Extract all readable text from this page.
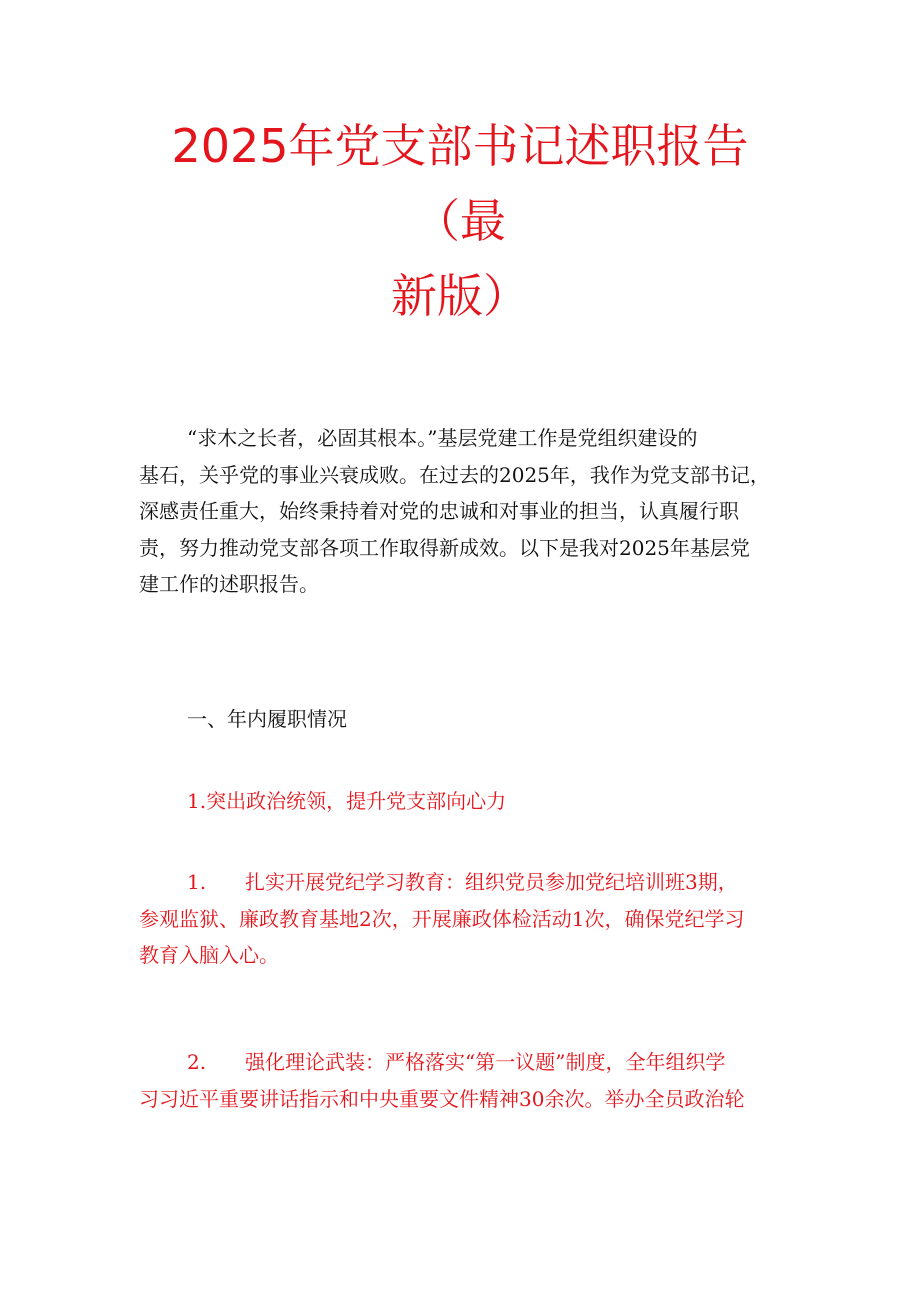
2025年党支部书记述职报告
（最
新版）
“求木之长者，必固其根本。”基层党建工作是党组织建设的
基石，关乎党的事业兴衰成败。在过去的2025年，我作为党支部书记，
深感责任重大，始终秉持着对党的忠诚和对事业的担当，认真履行职
责，努力推动党支部各项工作取得新成效。以下是我对2025年基层党
建工作的述职报告。
一、年内履职情况
1.突出政治统领，提升党支部向心力
1. 扎实开展党纪学习教育：组织党员参加党纪培训班3期，
参观监狱、廉政教育基地2次，开展廉政体检活动1次，确保党纪学习
教育入脑入心。
2. 强化理论武装：严格落实“第一议题”制度，全年组织学
习习近平重要讲话指示和中央重要文件精神30余次。举办全员政治轮
